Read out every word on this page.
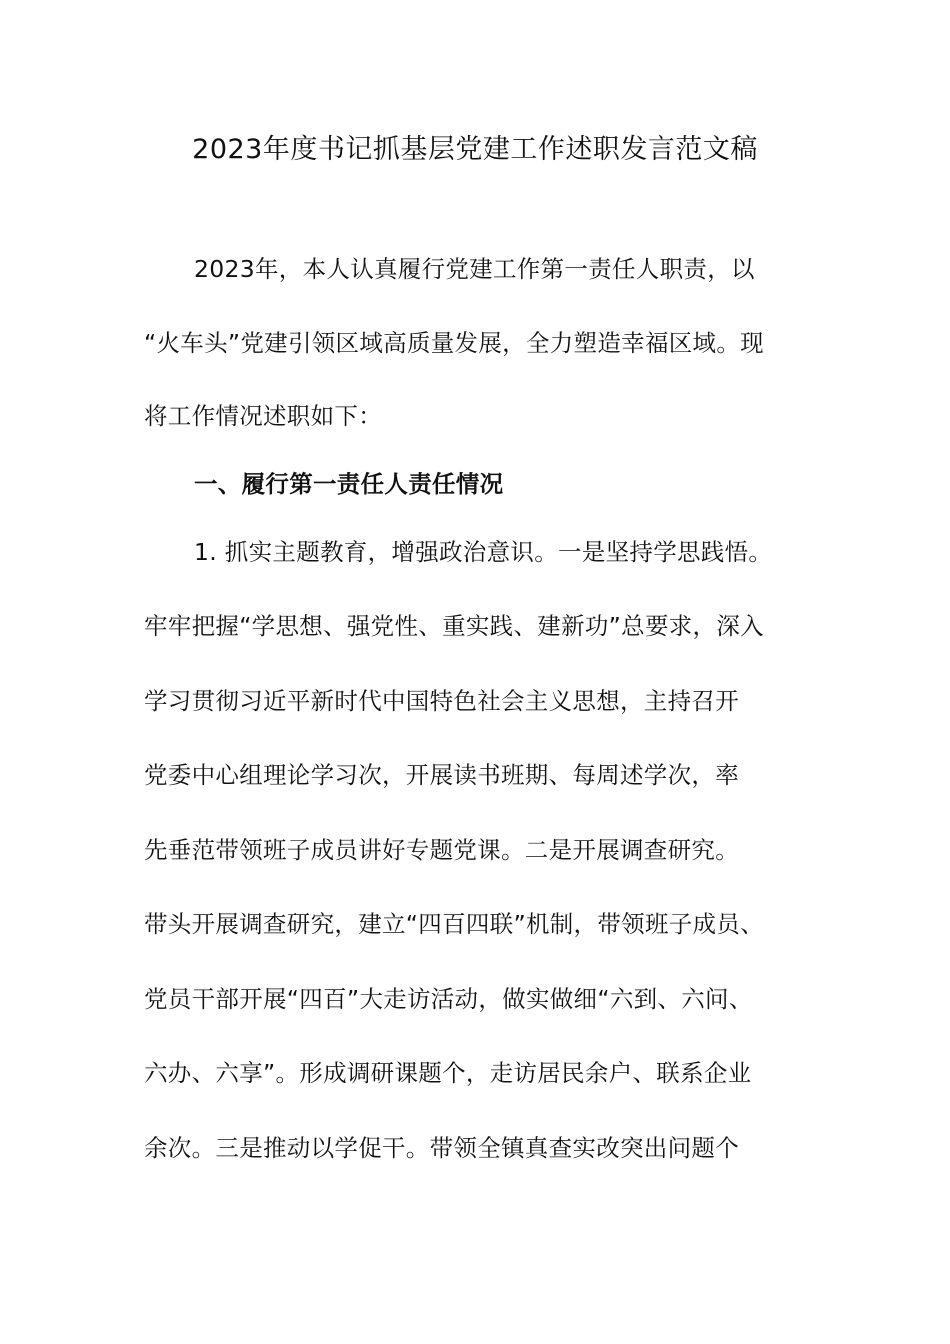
2023年度书记抓基层党建工作述职发言范文稿
2023年，本人认真履行党建工作第一责任人职责，以
“火车头”党建引领区域高质量发展，全力塑造幸福区域。现
将工作情况述职如下：
一、履行第一责任人责任情况
1. 抓实主题教育，增强政治意识。一是坚持学思践悟。
牢牢把握“学思想、强党性、重实践、建新功”总要求，深入
学习贯彻习近平新时代中国特色社会主义思想，主持召开
党委中心组理论学习次，开展读书班期、每周述学次，率
先垂范带领班子成员讲好专题党课。二是开展调查研究。
带头开展调查研究，建立“四百四联”机制，带领班子成员、
党员干部开展“四百”大走访活动，做实做细“六到、六问、
六办、六享”。形成调研课题个，走访居民余户、联系企业
余次。三是推动以学促干。带领全镇真查实改突出问题个
